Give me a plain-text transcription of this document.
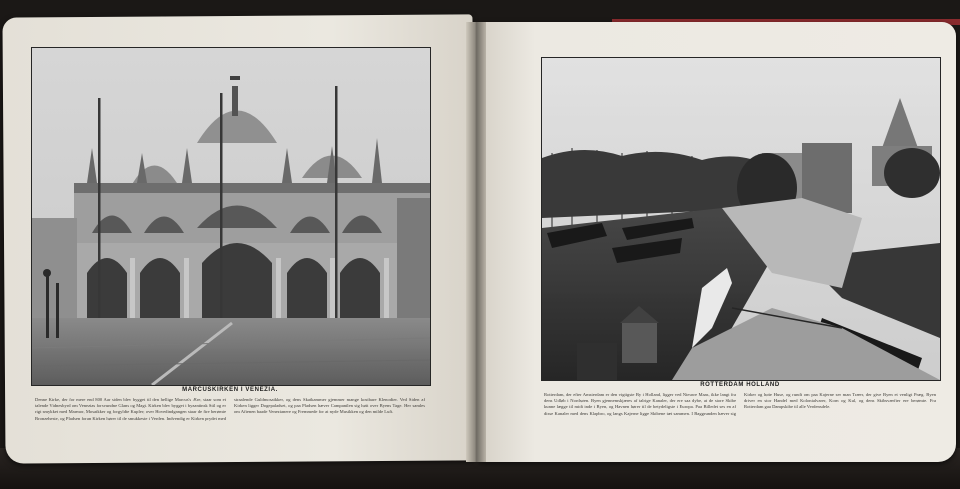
MARCUSKIRKEN I VENEZIA.
Denne Kirke, der for mere end 800 Aar siden blev bygget til den hellige Marcus's Ære, staar som et talende Vidnesbyrd om Venezias forsvundne Glans og Magt. Kirken blev bygget i byzantinsk Stil og er rigt smykket med Marmor, Mosaikker og forgyldte Kupler; over Hovedindgangen staar de fire berømte Bronzeheste, og Pladsen foran Kirken hører til de smukkeste i Verden. Indvendig er Kirken prydet med straalende Guldmosaikker, og dens Skatkammer gjemmer mange kostbare Klenodier. Ved Siden af Kirken ligger Dogepaladset, og paa Pladsen hæver Campanilen sig høit over Byens Tage. Her samles om Aftenen baade Venezianere og Fremmede for at nyde Musikken og den milde Luft.
ROTTERDAM HOLLAND
Rotterdam, der efter Amsterdam er den vigtigste By i Holland, ligger ved Nieuwe Maas, ikke langt fra dens Udløb i Nordsøen. Byen gjennemskjæres af talrige Kanaler, der ere saa dybe, at de store Skibe kunne lægge til midt inde i Byen, og Havnen hører til de betydeligste i Europa. Paa Billedet ses en af disse Kanaler med dens Klapbro, og langs Kajerne ligge Skibene tæt sammen. I Baggrunden hæver sig Kirker og høie Huse, og rundt om paa Kajerne ser man Træer, der give Byen et venligt Præg. Byen driver en stor Handel med Kolonialvarer, Korn og Kul, og dens Skibsværfter ere berømte. Fra Rotterdam gaa Dampskibe til alle Verdensdele.
